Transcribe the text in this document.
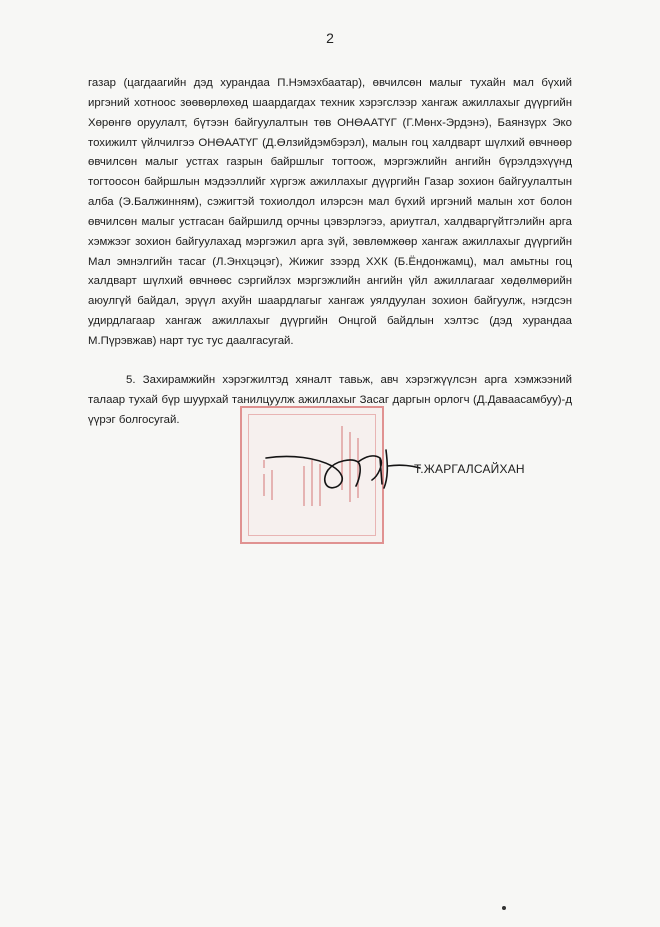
2

газар (цагдаагийн дэд хурандаа П.Нэмэхбаатар), өвчилсөн малыг тухайн мал бүхий иргэний хотноос зөөвөрлөхөд шаардагдах техник хэрэгслээр хангаж ажиллахыг дүүргийн Хөрөнгө оруулалт, бүтээн байгуулалтын төв ОНӨААТҮГ (Г.Мөнх-Эрдэнэ), Баянзүрх Эко тохижилт үйлчилгээ ОНӨААТҮГ (Д.Өлзийдэмбэрэл), малын гоц халдварт шүлхий өвчнөөр өвчилсөн малыг устгах газрын байршлыг тогтоож, мэргэжлийн ангийн бүрэлдэхүүнд тогтоосон байршлын мэдээллийг хүргэж ажиллахыг дүүргийн Газар зохион байгуулалтын алба (Э.Балжинням), сэжигтэй тохиолдол илэрсэн мал бүхий иргэний малын хот болон өвчилсөн малыг устгасан байршилд орчны цэвэрлэгээ, ариутгал, халдваргүйтгэлийн арга хэмжээг зохион байгуулахад мэргэжил арга зүй, зөвлөмжөөр хангаж ажиллахыг дүүргийн Мал эмнэлгийн тасаг (Л.Энхцэцэг), Жижиг зээрд ХХК (Б.Ёндонжамц), мал амьтны гоц халдварт шүлхий өвчнөөс сэргийлэх мэргэжлийн ангийн үйл ажиллагааг хөдөлмөрийн аюулгүй байдал, эрүүл ахуйн шаардлагыг хангаж уялдуулан зохион байгуулж, нэгдсэн удирдлагаар хангаж ажиллахыг дүүргийн Онцгой байдлын хэлтэс (дэд хурандаа М.Пүрэвжав) нарт тус тус даалгасугай.

5. Захирамжийн хэрэгжилтэд хяналт тавьж, авч хэрэгжүүлсэн арга хэмжээний талаар тухай бүр шуурхай танилцуулж ажиллахыг Засаг даргын орлогч (Д.Даваасамбуу)-д үүрэг болгосугай.

Т.ЖАРГАЛСАЙХАН
